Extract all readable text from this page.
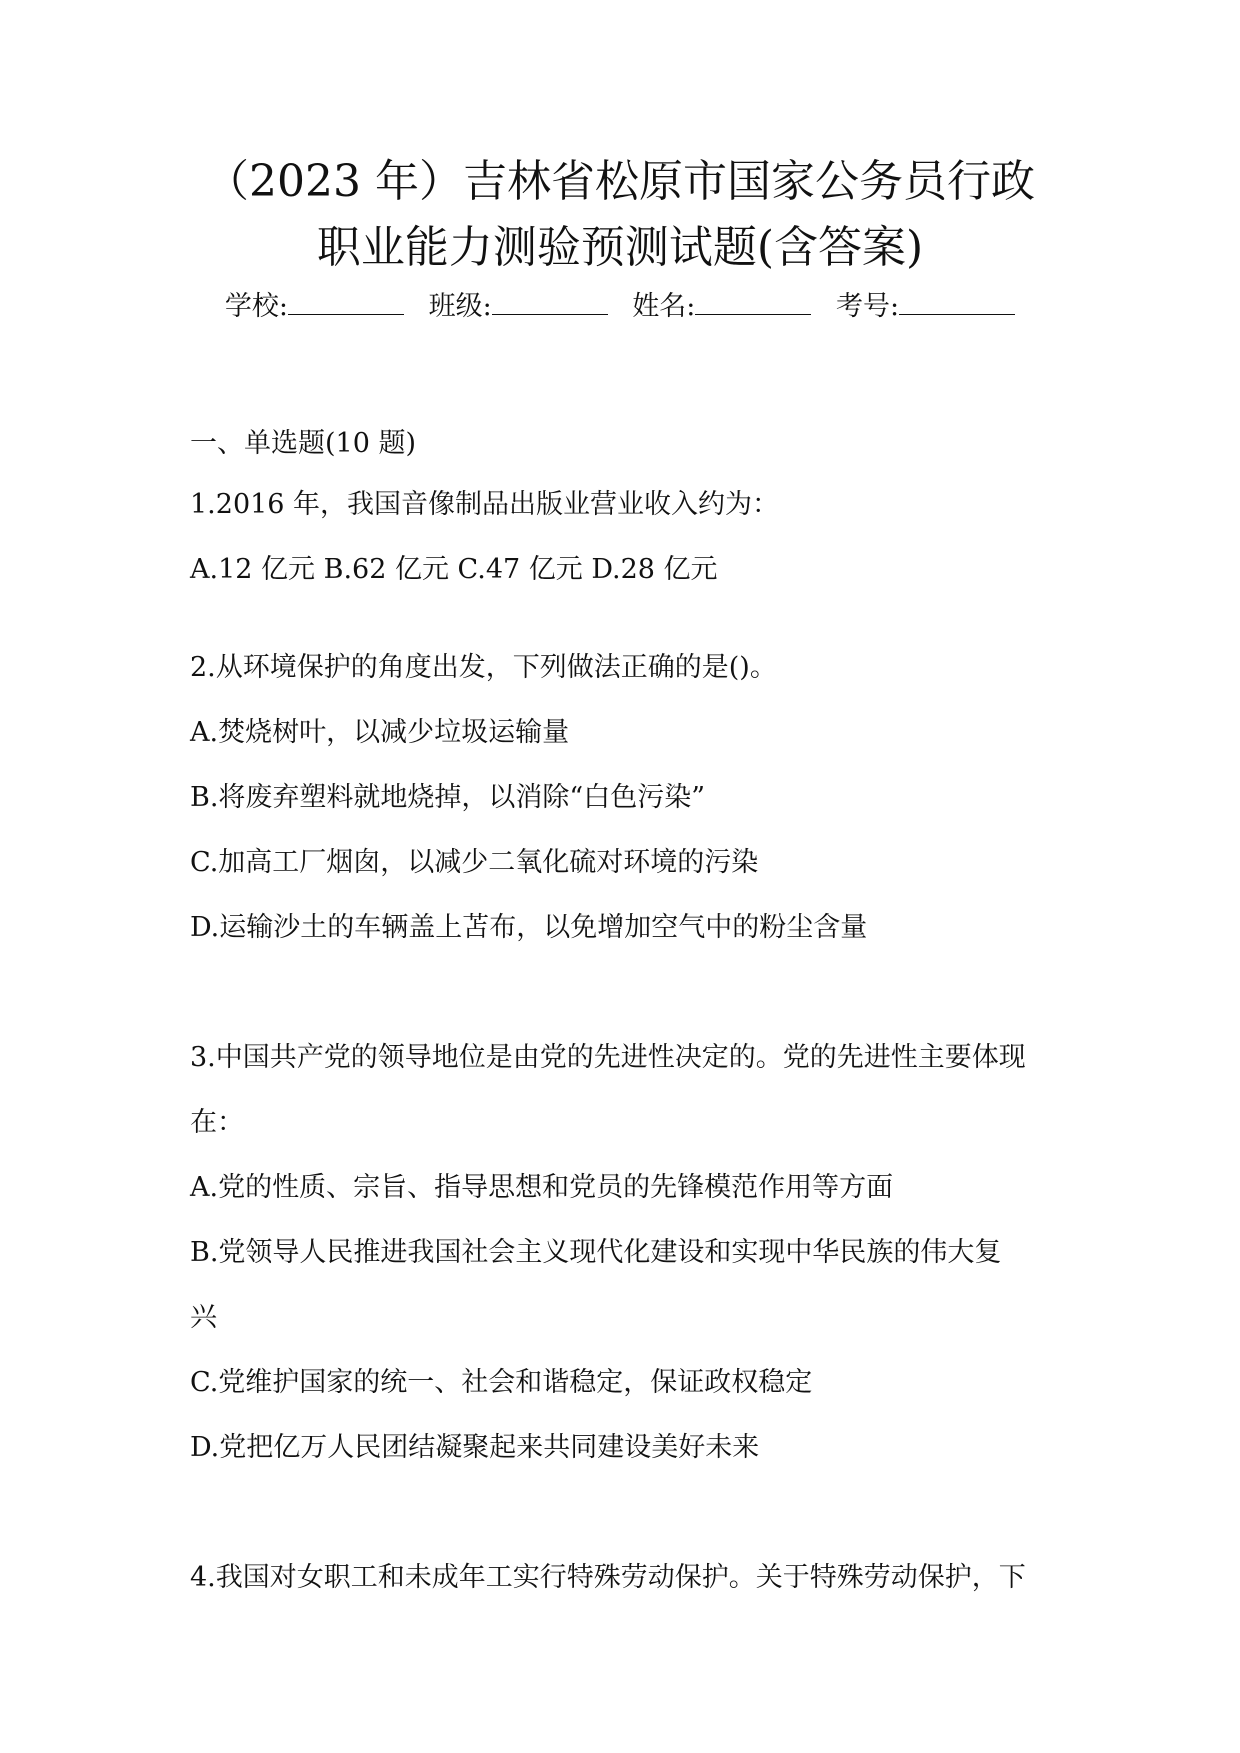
（2023 年）吉林省松原市国家公务员行政
职业能力测验预测试题(含答案)
学校:	班级:	姓名:	考号:
一、单选题(10 题)
1.2016 年，我国音像制品出版业营业收入约为：
A.12 亿元 B.62 亿元 C.47 亿元 D.28 亿元
2.从环境保护的角度出发，下列做法正确的是()。
A.焚烧树叶，以减少垃圾运输量
B.将废弃塑料就地烧掉，以消除“白色污染”
C.加高工厂烟囱，以减少二氧化硫对环境的污染
D.运输沙土的车辆盖上苫布，以免增加空气中的粉尘含量
3.中国共产党的领导地位是由党的先进性决定的。党的先进性主要体现
在：
A.党的性质、宗旨、指导思想和党员的先锋模范作用等方面
B.党领导人民推进我国社会主义现代化建设和实现中华民族的伟大复
兴
C.党维护国家的统一、社会和谐稳定，保证政权稳定
D.党把亿万人民团结凝聚起来共同建设美好未来
4.我国对女职工和未成年工实行特殊劳动保护。关于特殊劳动保护，下
